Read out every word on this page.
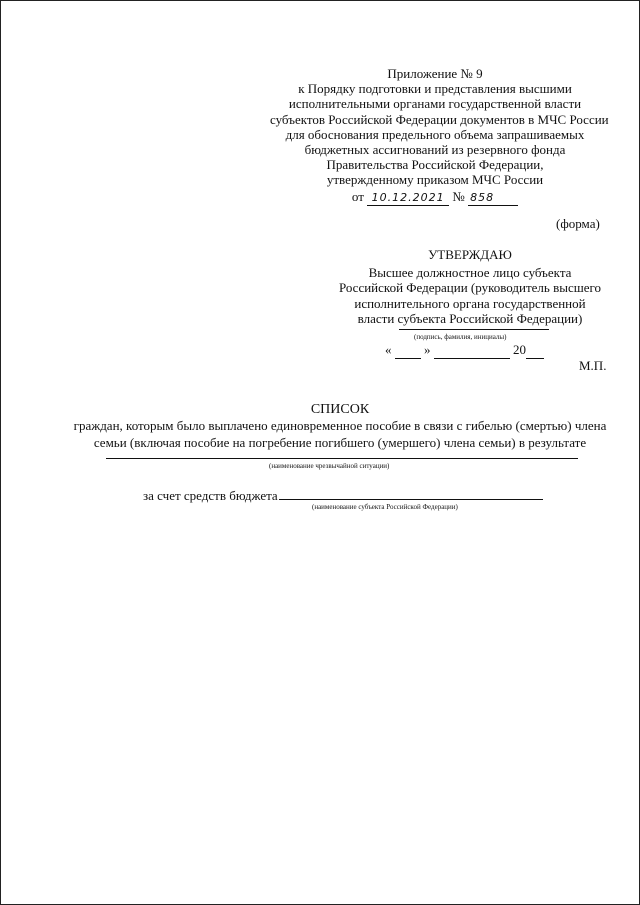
Приложение № 9
к Порядку подготовки и представления высшими
исполнительными органами государственной власти
субъектов Российской Федерации документов в МЧС России
для обоснования предельного объема запрашиваемых
бюджетных ассигнований из резервного фонда
Правительства Российской Федерации,
утвержденному приказом МЧС России
от 10.12.2021 № 858
(форма)
УТВЕРЖДАЮ
Высшее должностное лицо субъекта
Российской Федерации (руководитель высшего
исполнительного органа государственной
власти субъекта Российской Федерации)
(подпись, фамилия, инициалы)
«	»	20
М.П.
СПИСОК
граждан, которым было выплачено единовременное пособие в связи с гибелью (смертью) члена
семьи (включая пособие на погребение погибшего (умершего) члена семьи) в результате
(наименование чрезвычайной ситуации)
за счет средств бюджета
(наименование субъекта Российской Федерации)
